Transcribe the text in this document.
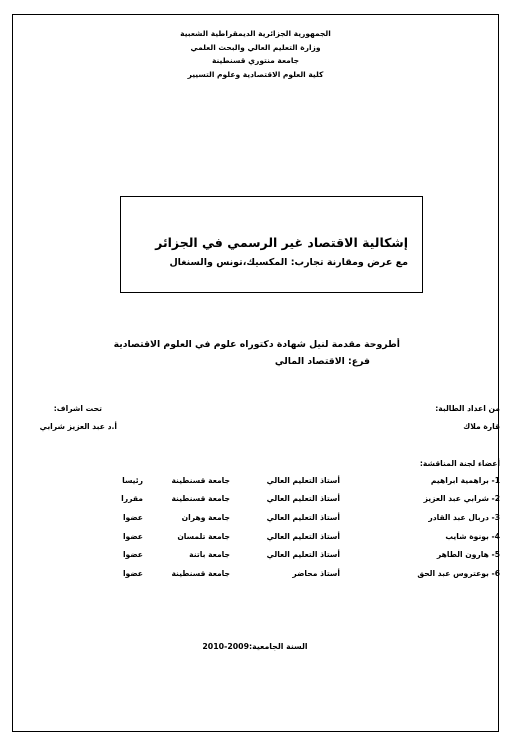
الجمهورية الجزائرية الديمقراطية الشعبية
وزارة التعليم العالي والبحث العلمي
جامعة منتوري قسنطينة
كلية العلوم الاقتصادية وعلوم التسيير
إشكالية الاقتصاد غير الرسمي في الجزائر
مع عرض ومقارنة تجارب: المكسيك،تونس والسنغال
أطروحة مقدمة لنيل شهادة دكتوراه علوم في العلوم الاقتصادية
فرع: الاقتصاد المالي
من اعداد الطالبة:
قارة ملاك
تحت اشراف:
أ.د عبد العزيز شرابي
أعضاء لجنة المناقشة:
1- براهمية ابراهيم
أستاذ التعليم العالي
جامعة قسنطينة
رئيسا
2- شرابي عبد العزيز
أستاذ التعليم العالي
جامعة قسنطينة
مقررا
3- دربال عبد القادر
أستاذ التعليم العالي
جامعة وهران
عضوا
4- بونوة شايب
أستاذ التعليم العالي
جامعة تلمسان
عضوا
5- هارون الطاهر
أستاذ التعليم العالي
جامعة باتنة
عضوا
6- بوعتروس عبد الحق
أستاذ محاضر
جامعة قسنطينة
عضوا
السنة الجامعية:2009-2010
